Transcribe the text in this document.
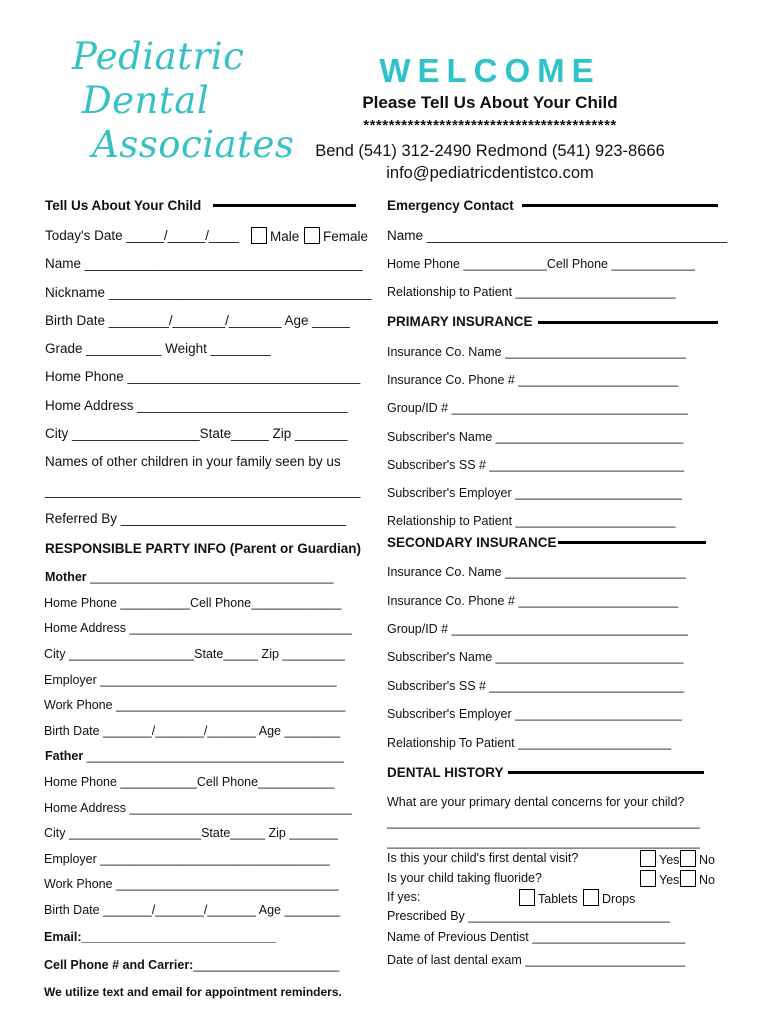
Pediatric
Dental
Associates
WELCOME
Please Tell Us About Your Child
****************************************
Bend (541) 312-2490 Redmond (541) 923-8666
info@pediatricdentistco.com
Tell Us About Your Child
Today's Date _____/_____/____	Male	Female
Name _____________________________________
Nickname ___________________________________
Birth Date ________/_______/_______ Age _____
Grade __________ Weight ________
Home Phone _______________________________
Home Address ____________________________
City _________________State_____ Zip _______
Names of other children in your family seen by us
__________________________________________
Referred By ______________________________
RESPONSIBLE PARTY INFO (Parent or Guardian)
Mother ___________________________________
Home Phone __________Cell Phone_____________
Home Address ________________________________
City __________________State_____ Zip _________
Employer __________________________________
Work Phone _________________________________
Birth Date _______/_______/_______ Age ________
Father _____________________________________
Home Phone ___________Cell Phone___________
Home Address ________________________________
City ___________________State_____ Zip _______
Employer _________________________________
Work Phone ________________________________
Birth Date _______/_______/_______ Age ________
Email:____________________________
Cell Phone # and Carrier:_____________________
We utilize text and email for appointment reminders.
Emergency Contact
Name ________________________________________
Home Phone ____________Cell Phone ____________
Relationship to Patient _______________________
PRIMARY INSURANCE
Insurance Co. Name __________________________
Insurance Co. Phone # _______________________
Group/ID # __________________________________
Subscriber's Name ___________________________
Subscriber's SS # ____________________________
Subscriber's Employer ________________________
Relationship to Patient _______________________
SECONDARY INSURANCE
Insurance Co. Name __________________________
Insurance Co. Phone # _______________________
Group/ID # __________________________________
Subscriber's Name ___________________________
Subscriber's SS # ____________________________
Subscriber's Employer ________________________
Relationship To Patient ______________________
DENTAL HISTORY
What are your primary dental concerns for your child?
_____________________________________________
_____________________________________________
Is this your child's first dental visit?	Yes	No
Is your child taking fluoride?	Yes	No
If yes:	Tablets	Drops
Prescribed By _____________________________
Name of Previous Dentist ______________________
Date of last dental exam _______________________
